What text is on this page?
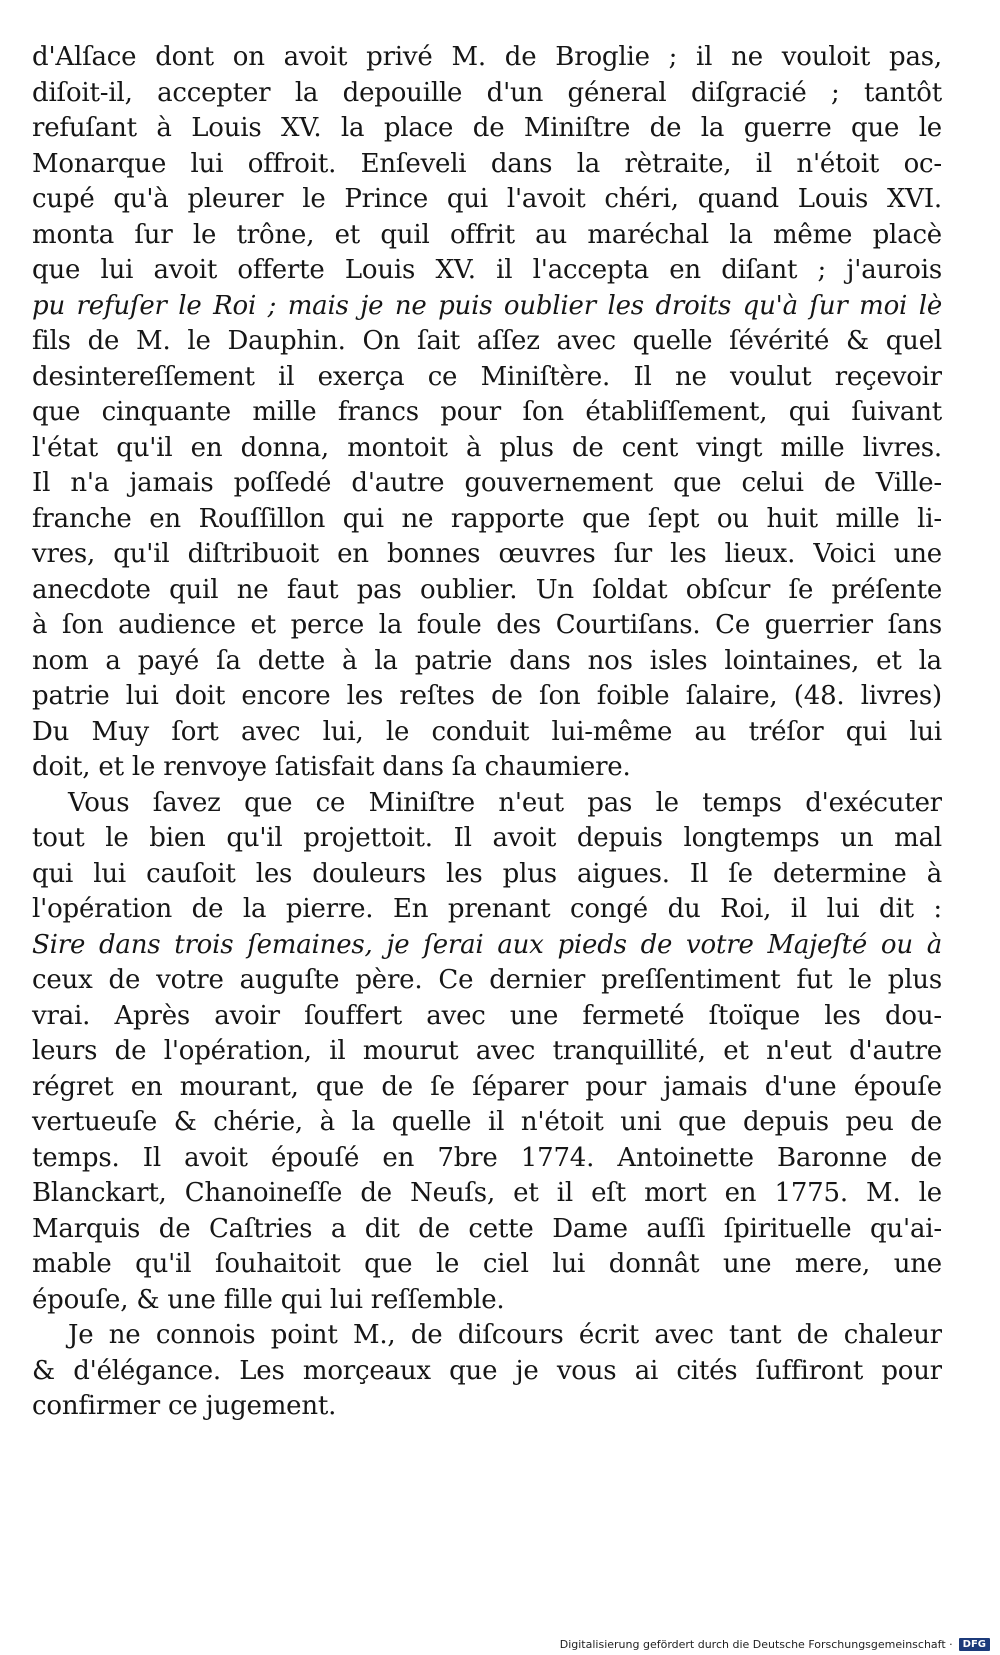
d'Alſace dont on avoit privé M. de Broglie ; il ne vouloit pas,
diſoit-il, accepter la depouille d'un géneral diſgracié ; tantôt
refuſant à Louis XV. la place de Miniſtre de la guerre que le
Monarque lui offroit. Enſeveli dans la rètraite, il n'étoit oc-
cupé qu'à pleurer le Prince qui l'avoit chéri, quand Louis XVI.
monta ſur le trône, et quil offrit au maréchal la même placè
que lui avoit offerte Louis XV. il l'accepta en diſant ; j'aurois
pu refuſer le Roi ; mais je ne puis oublier les droits qu'à ſur moi lè
fils de M. le Dauphin. On ſait aſſez avec quelle ſévérité & quel
desintereſſement il exerça ce Miniſtère. Il ne voulut reçevoir
que cinquante mille francs pour ſon établiſſement, qui ſuivant
l'état qu'il en donna, montoit à plus de cent vingt mille livres.
Il n'a jamais poſſedé d'autre gouvernement que celui de Ville-
franche en Rouſſillon qui ne rapporte que ſept ou huit mille li-
vres, qu'il diſtribuoit en bonnes œuvres ſur les lieux. Voici une
anecdote quil ne faut pas oublier. Un ſoldat obſcur ſe préſente
à ſon audience et perce la foule des Courtiſans. Ce guerrier ſans
nom a payé ſa dette à la patrie dans nos isles lointaines, et la
patrie lui doit encore les reſtes de ſon foible ſalaire, (48. livres)
Du Muy ſort avec lui, le conduit lui-même au tréſor qui lui
doit, et le renvoye ſatisfait dans ſa chaumiere.
Vous ſavez que ce Miniſtre n'eut pas le temps d'exécuter
tout le bien qu'il projettoit. Il avoit depuis longtemps un mal
qui lui cauſoit les douleurs les plus aigues. Il ſe determine à
l'opération de la pierre. En prenant congé du Roi, il lui dit :
Sire dans trois ſemaines, je ſerai aux pieds de votre Majeſté ou à
ceux de votre auguſte père. Ce dernier preſſentiment fut le plus
vrai. Après avoir ſouffert avec une fermeté ſtoïque les dou-
leurs de l'opération, il mourut avec tranquillité, et n'eut d'autre
régret en mourant, que de ſe ſéparer pour jamais d'une épouſe
vertueuſe & chérie, à la quelle il n'étoit uni que depuis peu de
temps. Il avoit épouſé en 7bre 1774. Antoinette Baronne de
Blanckart, Chanoineſſe de Neuſs, et il eſt mort en 1775. M. le
Marquis de Caſtries a dit de cette Dame auſſi ſpirituelle qu'ai-
mable qu'il ſouhaitoit que le ciel lui donnât une mere, une
épouſe, & une fille qui lui reſſemble.
Je ne connois point M., de diſcours écrit avec tant de chaleur
& d'élégance. Les morçeaux que je vous ai cités ſuffiront pour
confirmer ce jugement.
Digitalisierung gefördert durch die Deutsche Forschungsgemeinschaft ·	DFG
